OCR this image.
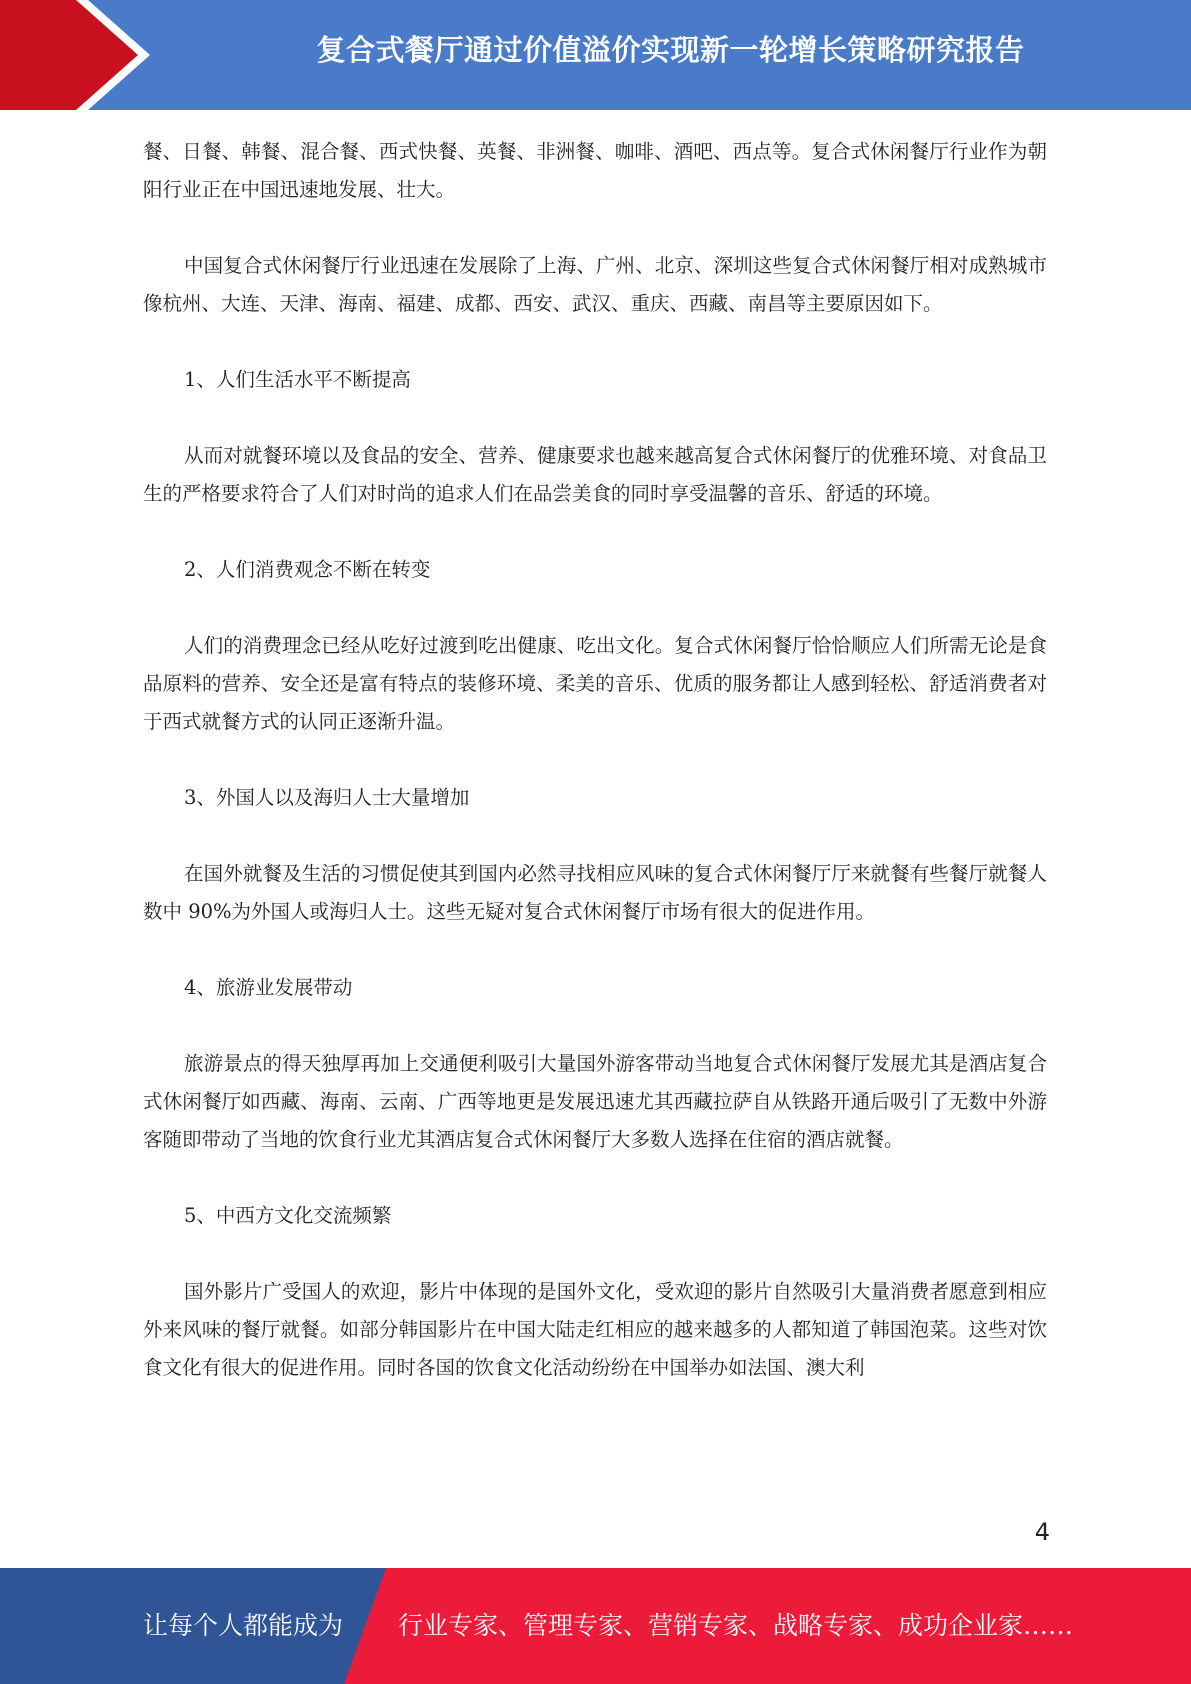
复合式餐厅通过价值溢价实现新一轮增长策略研究报告

餐、日餐、韩餐、混合餐、西式快餐、英餐、非洲餐、咖啡、酒吧、西点等。复合式休闲餐厅行业作为朝阳行业正在中国迅速地发展、壮大。

中国复合式休闲餐厅行业迅速在发展除了上海、广州、北京、深圳这些复合式休闲餐厅相对成熟城市像杭州、大连、天津、海南、福建、成都、西安、武汉、重庆、西藏、南昌等主要原因如下。

1、人们生活水平不断提高

从而对就餐环境以及食品的安全、营养、健康要求也越来越高复合式休闲餐厅的优雅环境、对食品卫生的严格要求符合了人们对时尚的追求人们在品尝美食的同时享受温馨的音乐、舒适的环境。

2、人们消费观念不断在转变

人们的消费理念已经从吃好过渡到吃出健康、吃出文化。复合式休闲餐厅恰恰顺应人们所需无论是食品原料的营养、安全还是富有特点的装修环境、柔美的音乐、优质的服务都让人感到轻松、舒适消费者对于西式就餐方式的认同正逐渐升温。

3、外国人以及海归人士大量增加

在国外就餐及生活的习惯促使其到国内必然寻找相应风味的复合式休闲餐厅厅来就餐有些餐厅就餐人数中 90%为外国人或海归人士。这些无疑对复合式休闲餐厅市场有很大的促进作用。

4、旅游业发展带动

旅游景点的得天独厚再加上交通便利吸引大量国外游客带动当地复合式休闲餐厅发展尤其是酒店复合式休闲餐厅如西藏、海南、云南、广西等地更是发展迅速尤其西藏拉萨自从铁路开通后吸引了无数中外游客随即带动了当地的饮食行业尤其酒店复合式休闲餐厅大多数人选择在住宿的酒店就餐。

5、中西方文化交流频繁

国外影片广受国人的欢迎，影片中体现的是国外文化，受欢迎的影片自然吸引大量消费者愿意到相应外来风味的餐厅就餐。如部分韩国影片在中国大陆走红相应的越来越多的人都知道了韩国泡菜。这些对饮食文化有很大的促进作用。同时各国的饮食文化活动纷纷在中国举办如法国、澳大利

4
让每个人都能成为 行业专家、管理专家、营销专家、战略专家、成功企业家……
